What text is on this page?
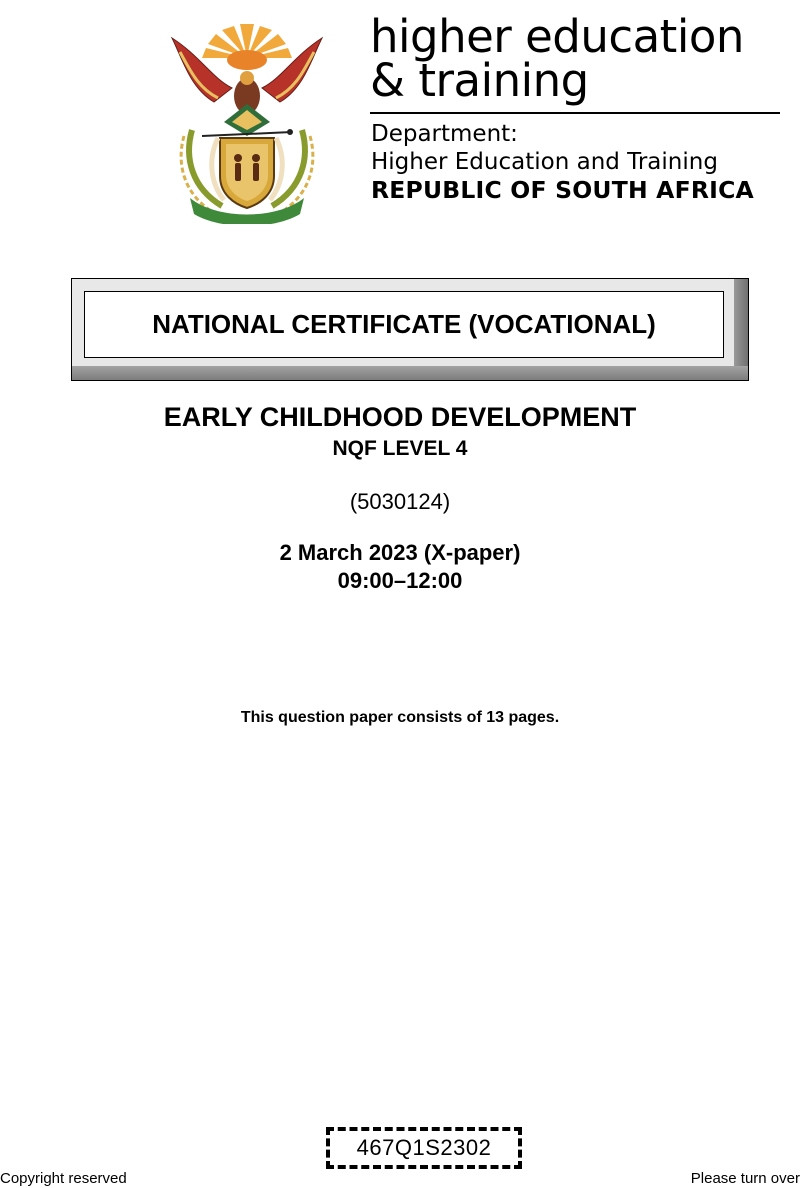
higher education
& training
Department:
Higher Education and Training
REPUBLIC OF SOUTH AFRICA
NATIONAL CERTIFICATE (VOCATIONAL)
EARLY CHILDHOOD DEVELOPMENT
NQF LEVEL 4
(5030124)
2 March 2023 (X-paper)
09:00–12:00
This question paper consists of 13 pages.
467Q1S2302
Copyright reserved	Please turn over
